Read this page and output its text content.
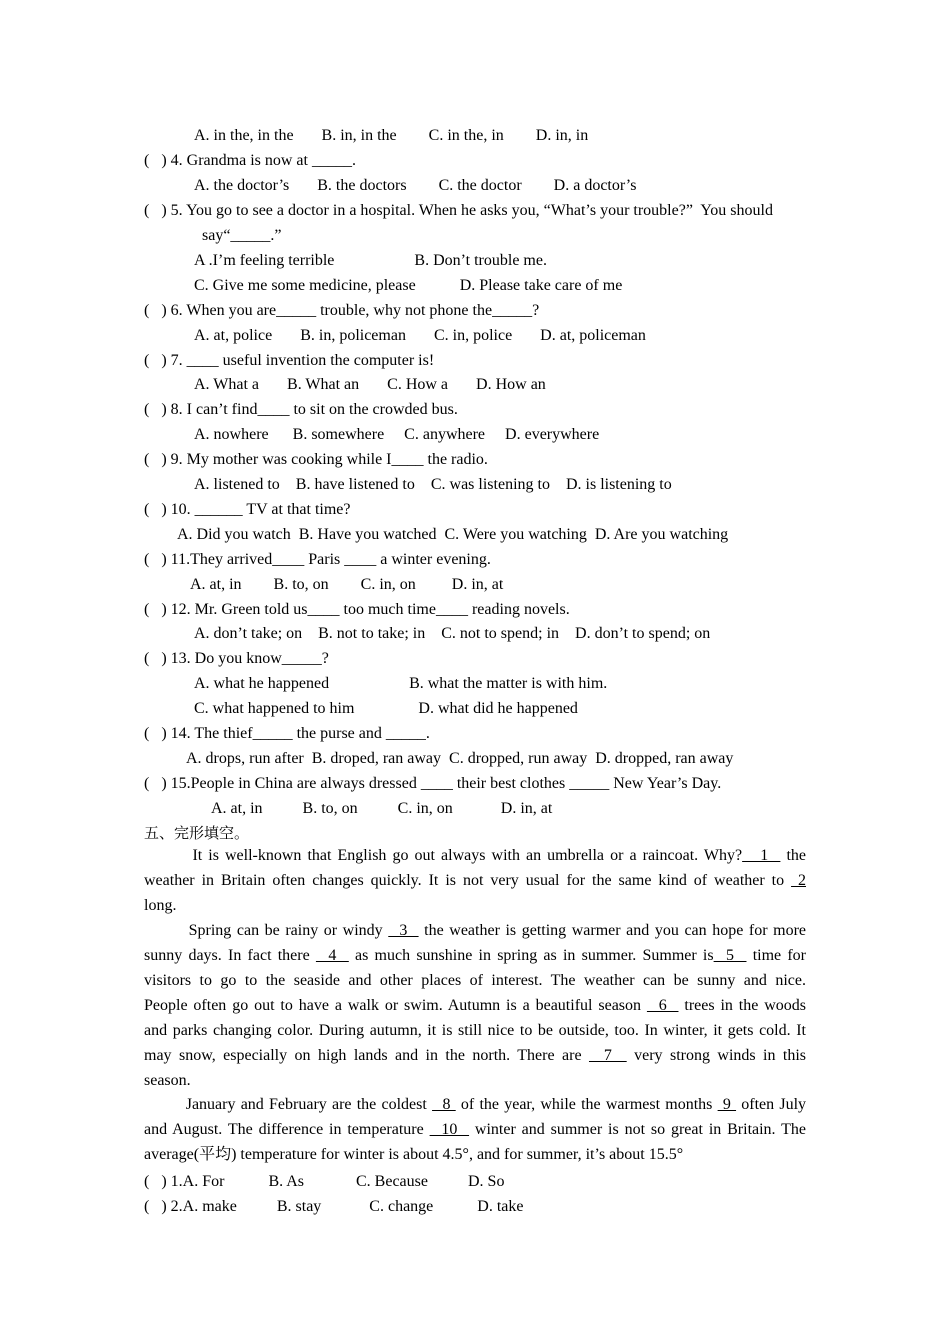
A. in the, in the       B. in, in the        C. in the, in        D. in, in
(   ) 4. Grandma is now at _____.
A. the doctor’s       B. the doctors        C. the doctor        D. a doctor’s
(   ) 5. You go to see a doctor in a hospital. When he asks you, “What’s your trouble?”  You should
say“_____.”
A .I’m feeling terrible                    B. Don’t trouble me.
C. Give me some medicine, please           D. Please take care of me
(   ) 6. When you are_____ trouble, why not phone the_____?
A. at, police       B. in, policeman       C. in, police       D. at, policeman
(   ) 7. ____ useful invention the computer is!
A. What a       B. What an       C. How a       D. How an
(   ) 8. I can’t find____ to sit on the crowded bus.
A. nowhere      B. somewhere     C. anywhere     D. everywhere
(   ) 9. My mother was cooking while I____ the radio.
A. listened to    B. have listened to    C. was listening to    D. is listening to
(   ) 10. ______ TV at that time?
A. Did you watch  B. Have you watched  C. Were you watching  D. Are you watching
(   ) 11.They arrived____ Paris ____ a winter evening.
A. at, in        B. to, on        C. in, on         D. in, at
(   ) 12. Mr. Green told us____ too much time____ reading novels.
A. don’t take; on    B. not to take; in    C. not to spend; in    D. don’t to spend; on
(   ) 13. Do you know_____?
A. what he happened                    B. what the matter is with him.
C. what happened to him                D. what did he happened
(   ) 14. The thief_____ the purse and _____.
A. drops, run after  B. droped, ran away  C. dropped, run away  D. dropped, ran away
(   ) 15.People in China are always dressed ____ their best clothes _____ New Year’s Day.
A. at, in          B. to, on          C. in, on            D. in, at
It is well-known that English go out always with an umbrella or a raincoat. Why?   1   the
weather in Britain often changes quickly. It is not very usual for the same kind of weather to  2
long.
Spring can be rainy or windy   3   the weather is getting warmer and you can hope for more
sunny days. In fact there   4   as much sunshine in spring as in summer. Summer is  5   time for
visitors to go to the seaside and other places of interest. The weather can be sunny and nice.
People often go out to have a walk or swim. Autumn is a beautiful season   6   trees in the woods
and parks changing color. During autumn, it is still nice to be outside, too. In winter, it gets cold. It
may snow, especially on high lands and in the north. There are   7   very strong winds in this
season.
January and February are the coldest   8  of the year, while the warmest months  9  often July
and August. The difference in temperature   10   winter and summer is not so great in Britain. The
average(平均) temperature for winter is about 4.5°, and for summer, it’s about 15.5°
(   ) 1.A. For           B. As             C. Because          D. So
(   ) 2.A. make          B. stay            C. change           D. take
五、完形填空。
